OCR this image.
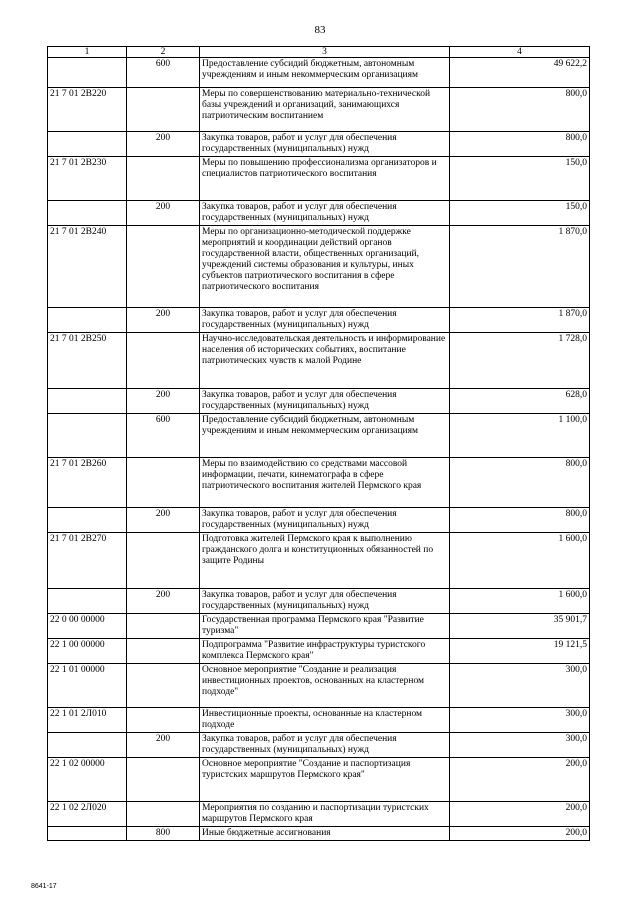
83
1	2	3	4
	600	Предоставление субсидий бюджетным, автономным учреждениям и иным некоммерческим организациям	49 622,2
21 7 01 2В220		Меры по совершенствованию материально-технической базы учреждений и организаций, занимающихся патриотическим воспитанием	800,0
	200	Закупка товаров, работ и услуг для обеспечения государственных (муниципальных) нужд	800,0
21 7 01 2В230		Меры по повышению профессионализма организаторов и специалистов патриотического воспитания	150,0
	200	Закупка товаров, работ и услуг для обеспечения государственных (муниципальных) нужд	150,0
21 7 01 2В240		Меры по организационно-методической поддержке мероприятий и координации действий органов государственной власти, общественных организаций, учреждений системы образования и культуры, иных субъектов патриотического воспитания в сфере патриотического воспитания	1 870,0
	200	Закупка товаров, работ и услуг для обеспечения государственных (муниципальных) нужд	1 870,0
21 7 01 2В250		Научно-исследовательская деятельность и информирование населения об исторических событиях, воспитание патриотических чувств к малой Родине	1 728,0
	200	Закупка товаров, работ и услуг для обеспечения государственных (муниципальных) нужд	628,0
	600	Предоставление субсидий бюджетным, автономным учреждениям и иным некоммерческим организациям	1 100,0
21 7 01 2В260		Меры по взаимодействию со средствами массовой информации, печати, кинематографа в сфере патриотического воспитания жителей Пермского края	800,0
	200	Закупка товаров, работ и услуг для обеспечения государственных (муниципальных) нужд	800,0
21 7 01 2В270		Подготовка жителей Пермского края к выполнению гражданского долга и конституционных обязанностей по защите Родины	1 600,0
	200	Закупка товаров, работ и услуг для обеспечения государственных (муниципальных) нужд	1 600,0
22 0 00 00000		Государственная программа Пермского края "Развитие туризма"	35 901,7
22 1 00 00000		Подпрограмма "Развитие инфраструктуры туристского комплекса Пермского края"	19 121,5
22 1 01 00000		Основное мероприятие "Создание и реализация инвестиционных проектов, основанных на кластерном подходе"	300,0
22 1 01 2Л010		Инвестиционные проекты, основанные на кластерном подходе	300,0
	200	Закупка товаров, работ и услуг для обеспечения государственных (муниципальных) нужд	300,0
22 1 02 00000		Основное мероприятие "Создание и паспортизация туристских маршрутов Пермского края"	200,0
22 1 02 2Л020		Мероприятия по созданию и паспортизации туристских маршрутов Пермского края	200,0
	800	Иные бюджетные ассигнования	200,0
8641-17
